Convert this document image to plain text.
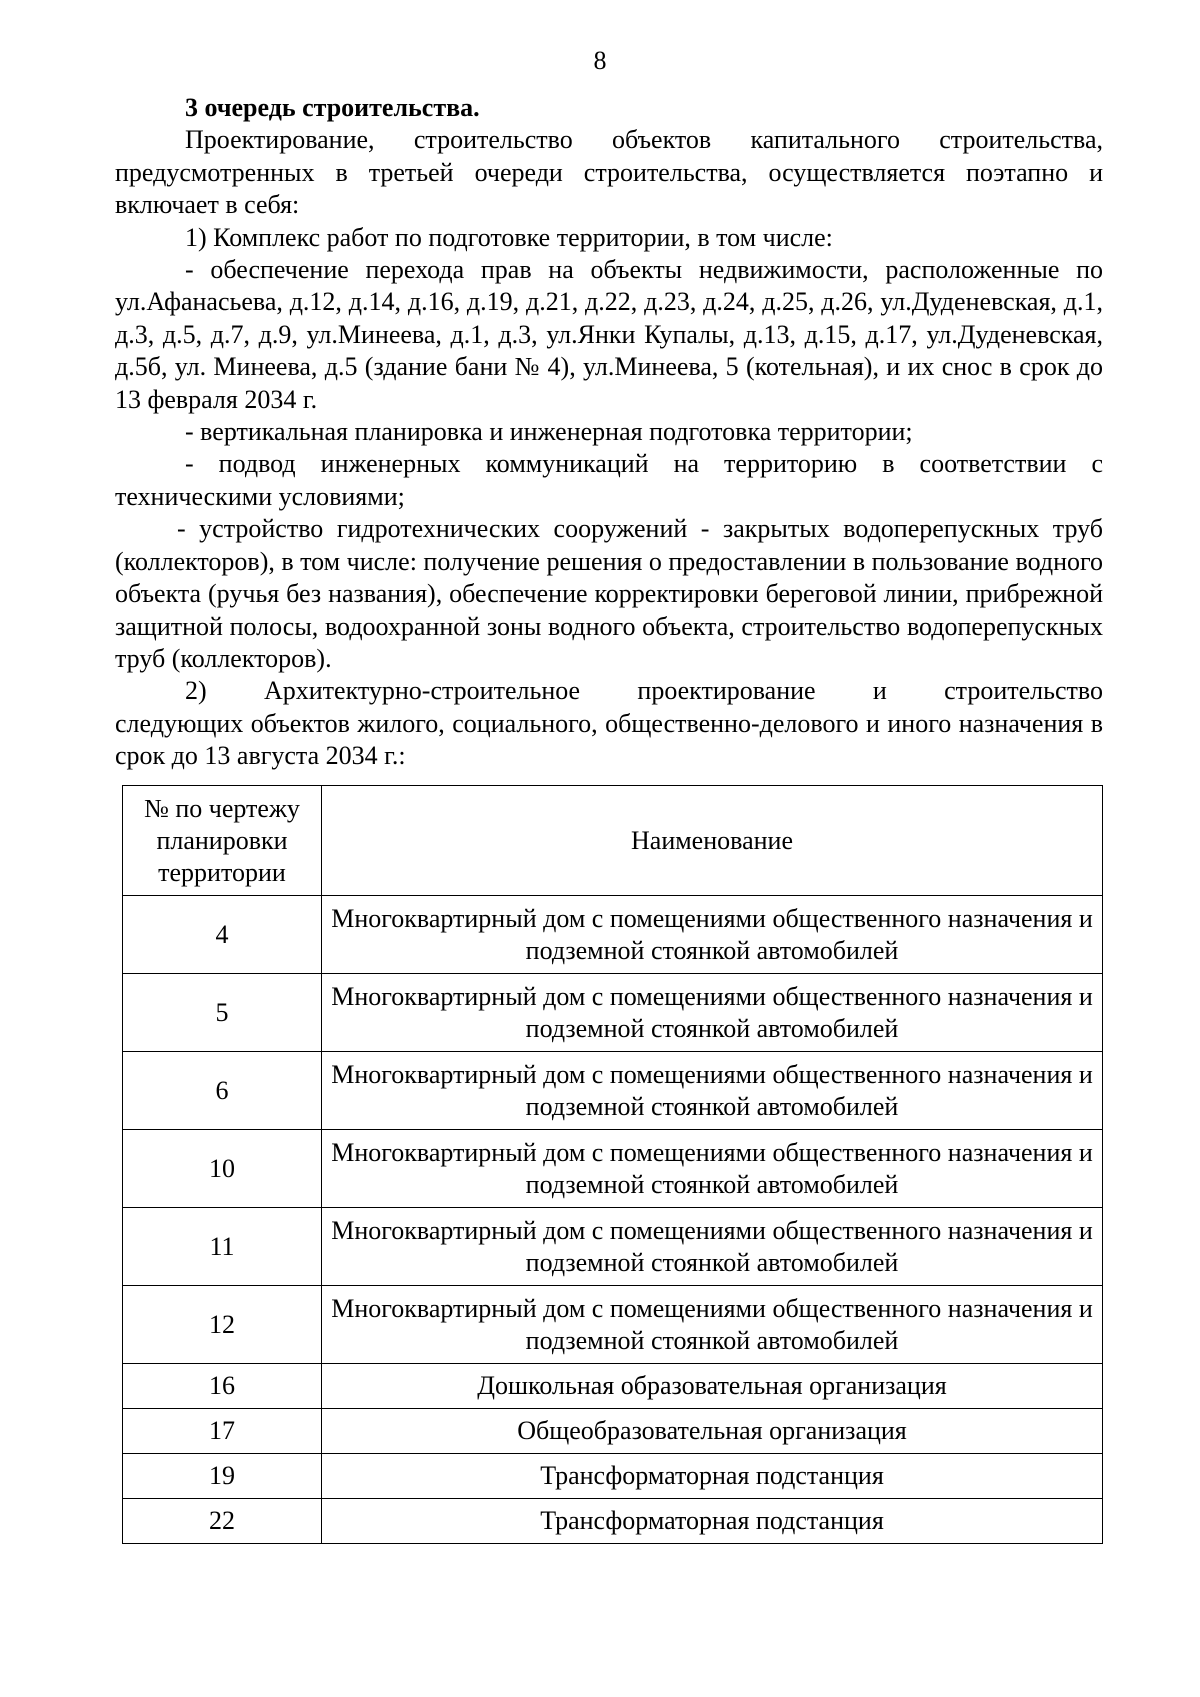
8

3 очередь строительства.

Проектирование, строительство объектов капитального строительства, предусмотренных в третьей очереди строительства, осуществляется поэтапно и включает в себя:

1) Комплекс работ по подготовке территории, в том числе:

- обеспечение перехода прав на объекты недвижимости, расположенные по ул.Афанасьева, д.12, д.14, д.16, д.19, д.21, д.22, д.23, д.24, д.25, д.26, ул.Дуденевская, д.1, д.3, д.5, д.7, д.9, ул.Минеева, д.1, д.3, ул.Янки Купалы, д.13, д.15, д.17, ул.Дуденевская, д.5б, ул. Минеева, д.5 (здание бани № 4), ул.Минеева, 5 (котельная), и их снос в срок до 13 февраля 2034 г.

- вертикальная планировка и инженерная подготовка территории;

- подвод инженерных коммуникаций на территорию в соответствии с техническими условиями;

- устройство гидротехнических сооружений - закрытых водоперепускных труб (коллекторов), в том числе: получение решения о предоставлении в пользование водного объекта (ручья без названия), обеспечение корректировки береговой линии, прибрежной защитной полосы, водоохранной зоны водного объекта, строительство водоперепускных труб (коллекторов).

2) Архитектурно-строительное проектирование и строительство

следующих объектов жилого, социального, общественно-делового и иного назначения в срок до 13 августа 2034 г.:

№ по чертежу планировки территории	Наименование
4	Многоквартирный дом с помещениями общественного назначения и подземной стоянкой автомобилей
5	Многоквартирный дом с помещениями общественного назначения и подземной стоянкой автомобилей
6	Многоквартирный дом с помещениями общественного назначения и подземной стоянкой автомобилей
10	Многоквартирный дом с помещениями общественного назначения и подземной стоянкой автомобилей
11	Многоквартирный дом с помещениями общественного назначения и подземной стоянкой автомобилей
12	Многоквартирный дом с помещениями общественного назначения и подземной стоянкой автомобилей
16	Дошкольная образовательная организация
17	Общеобразовательная организация
19	Трансформаторная подстанция
22	Трансформаторная подстанция
